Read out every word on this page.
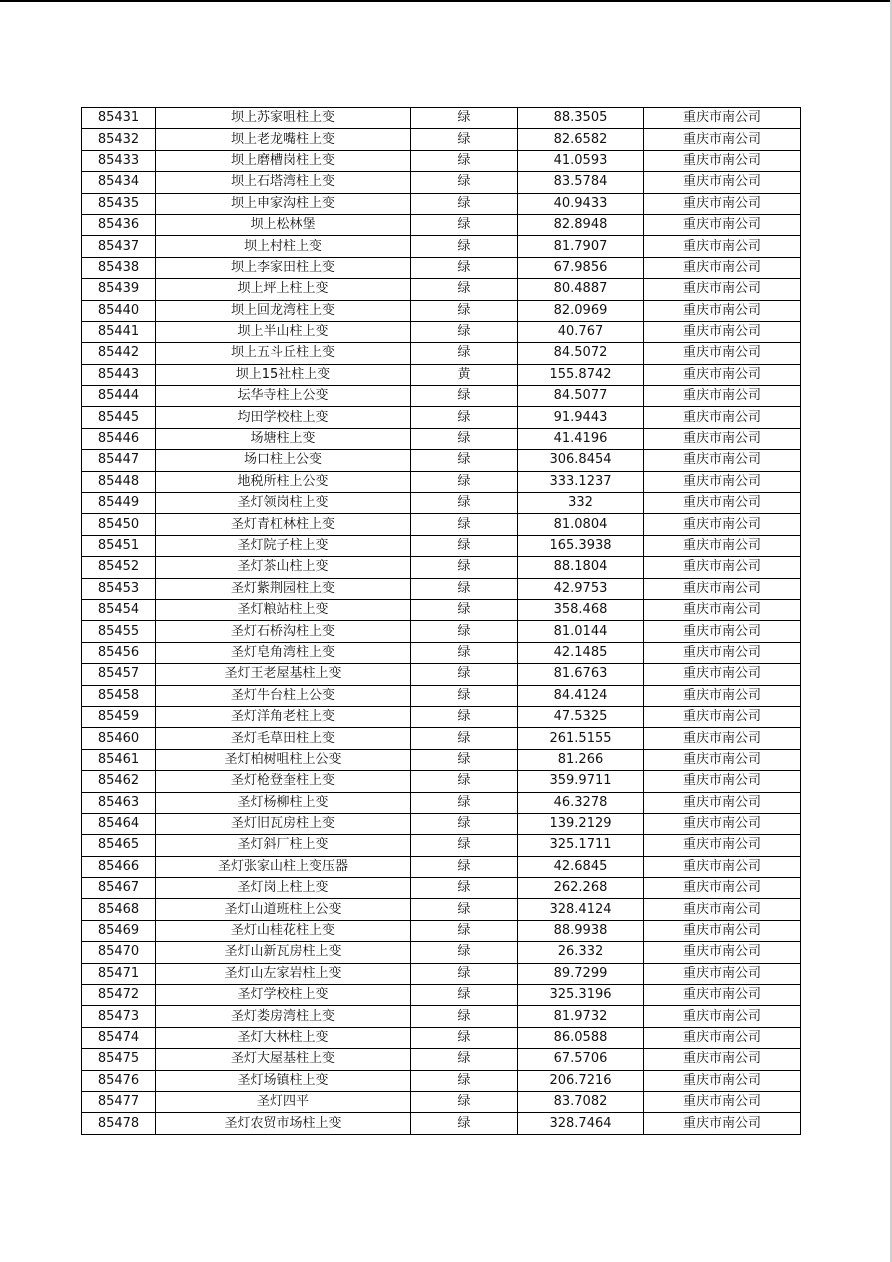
85431	坝上苏家咀柱上变	绿	88.3505	重庆市南公司
85432	坝上老龙嘴柱上变	绿	82.6582	重庆市南公司
85433	坝上磨槽岗柱上变	绿	41.0593	重庆市南公司
85434	坝上石塔湾柱上变	绿	83.5784	重庆市南公司
85435	坝上申家沟柱上变	绿	40.9433	重庆市南公司
85436	坝上松林堡	绿	82.8948	重庆市南公司
85437	坝上村柱上变	绿	81.7907	重庆市南公司
85438	坝上李家田柱上变	绿	67.9856	重庆市南公司
85439	坝上坪上柱上变	绿	80.4887	重庆市南公司
85440	坝上回龙湾柱上变	绿	82.0969	重庆市南公司
85441	坝上半山柱上变	绿	40.767	重庆市南公司
85442	坝上五斗丘柱上变	绿	84.5072	重庆市南公司
85443	坝上15社柱上变	黄	155.8742	重庆市南公司
85444	坛华寺柱上公变	绿	84.5077	重庆市南公司
85445	均田学校柱上变	绿	91.9443	重庆市南公司
85446	场塘柱上变	绿	41.4196	重庆市南公司
85447	场口柱上公变	绿	306.8454	重庆市南公司
85448	地税所柱上公变	绿	333.1237	重庆市南公司
85449	圣灯领岗柱上变	绿	332	重庆市南公司
85450	圣灯青杠林柱上变	绿	81.0804	重庆市南公司
85451	圣灯院子柱上变	绿	165.3938	重庆市南公司
85452	圣灯茶山柱上变	绿	88.1804	重庆市南公司
85453	圣灯紫荆园柱上变	绿	42.9753	重庆市南公司
85454	圣灯粮站柱上变	绿	358.468	重庆市南公司
85455	圣灯石桥沟柱上变	绿	81.0144	重庆市南公司
85456	圣灯皂角湾柱上变	绿	42.1485	重庆市南公司
85457	圣灯王老屋基柱上变	绿	81.6763	重庆市南公司
85458	圣灯牛台柱上公变	绿	84.4124	重庆市南公司
85459	圣灯洋角老柱上变	绿	47.5325	重庆市南公司
85460	圣灯毛草田柱上变	绿	261.5155	重庆市南公司
85461	圣灯柏树咀柱上公变	绿	81.266	重庆市南公司
85462	圣灯枪登奎柱上变	绿	359.9711	重庆市南公司
85463	圣灯杨柳柱上变	绿	46.3278	重庆市南公司
85464	圣灯旧瓦房柱上变	绿	139.2129	重庆市南公司
85465	圣灯斜厂柱上变	绿	325.1711	重庆市南公司
85466	圣灯张家山柱上变压器	绿	42.6845	重庆市南公司
85467	圣灯岗上柱上变	绿	262.268	重庆市南公司
85468	圣灯山道班柱上公变	绿	328.4124	重庆市南公司
85469	圣灯山桂花柱上变	绿	88.9938	重庆市南公司
85470	圣灯山新瓦房柱上变	绿	26.332	重庆市南公司
85471	圣灯山左家岩柱上变	绿	89.7299	重庆市南公司
85472	圣灯学校柱上变	绿	325.3196	重庆市南公司
85473	圣灯娄房湾柱上变	绿	81.9732	重庆市南公司
85474	圣灯大林柱上变	绿	86.0588	重庆市南公司
85475	圣灯大屋基柱上变	绿	67.5706	重庆市南公司
85476	圣灯场镇柱上变	绿	206.7216	重庆市南公司
85477	圣灯四平	绿	83.7082	重庆市南公司
85478	圣灯农贸市场柱上变	绿	328.7464	重庆市南公司
